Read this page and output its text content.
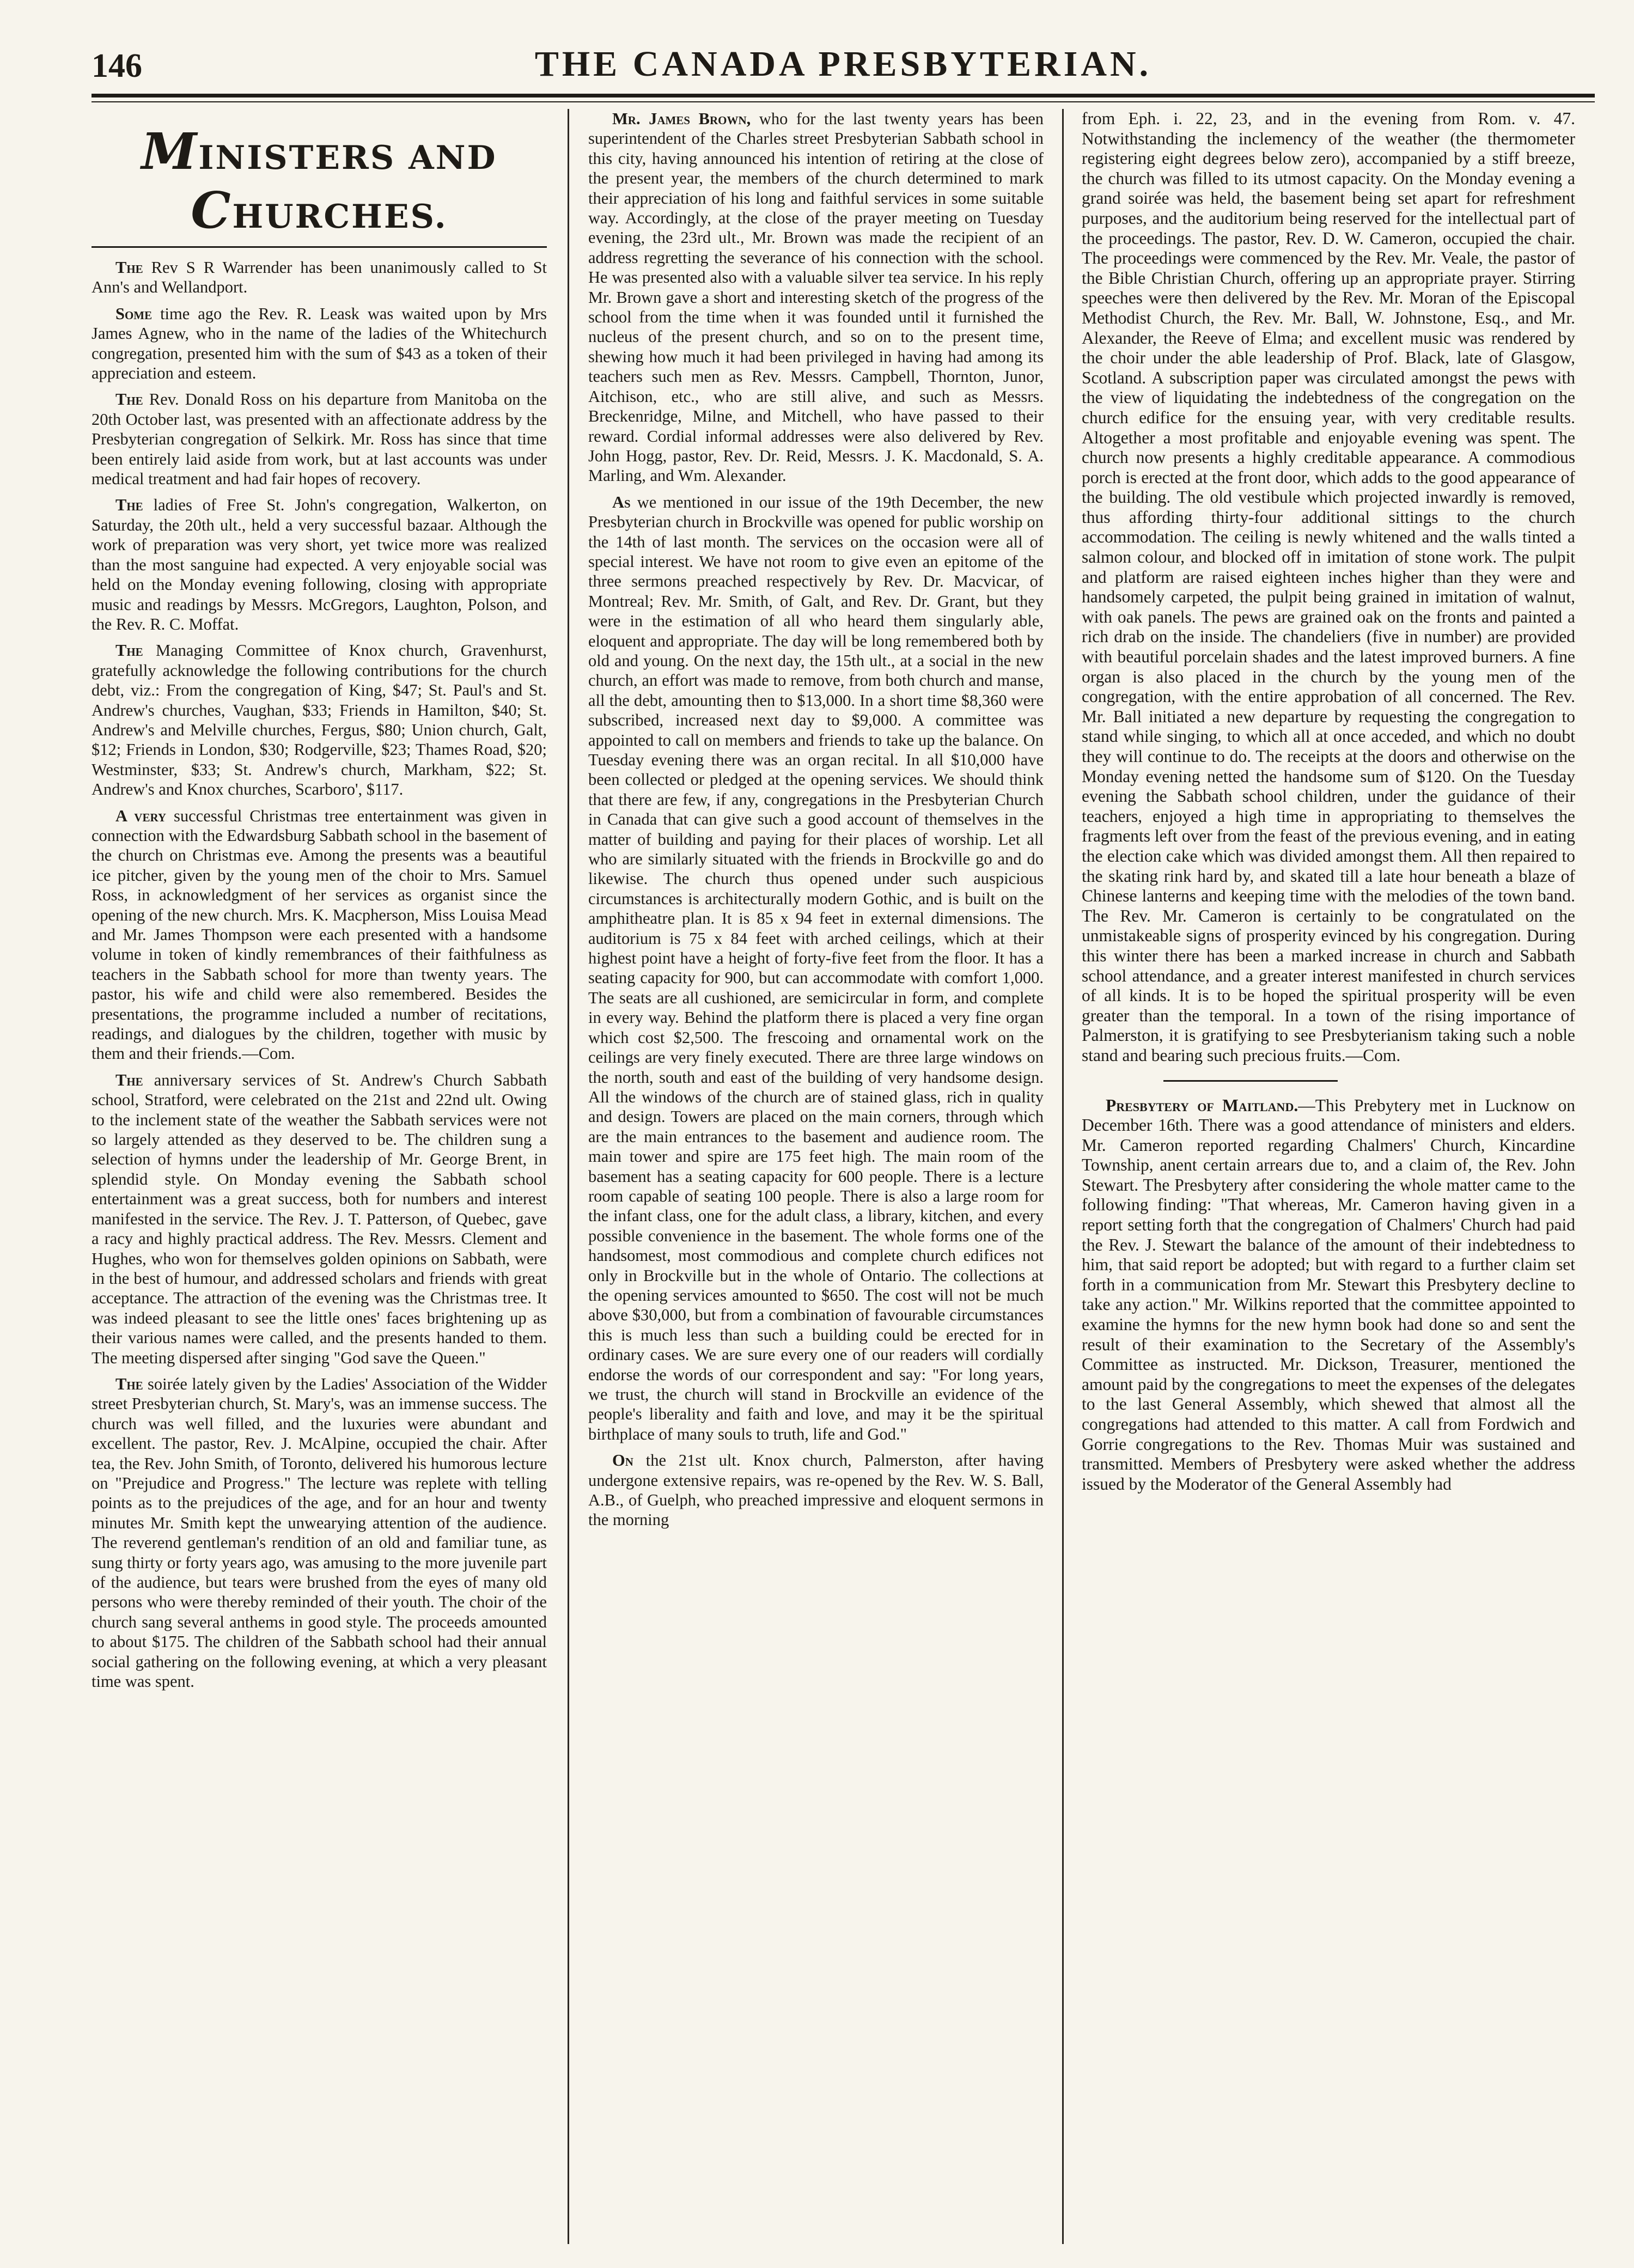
146	THE CANADA PRESBYTERIAN.
MINISTERS AND CHURCHES.

The Rev S R Warrender has been unanimously called to St Ann's and Wellandport.

Some time ago the Rev. R. Leask was waited upon by Mrs James Agnew, who in the name of the ladies of the Whitechurch congregation, presented him with the sum of $43 as a token of their appreciation and esteem.

The Rev. Donald Ross on his departure from Manitoba on the 20th October last, was presented with an affectionate address by the Presbyterian congregation of Selkirk. Mr. Ross has since that time been entirely laid aside from work, but at last accounts was under medical treatment and had fair hopes of recovery.

The ladies of Free St. John's congregation, Walkerton, on Saturday, the 20th ult., held a very successful bazaar. Although the work of preparation was very short, yet twice more was realized than the most sanguine had expected. A very enjoyable social was held on the Monday evening following, closing with appropriate music and readings by Messrs. McGregors, Laughton, Polson, and the Rev. R. C. Moffat.

The Managing Committee of Knox church, Gravenhurst, gratefully acknowledge the following contributions for the church debt, viz.: From the congregation of King, $47; St. Paul's and St. Andrew's churches, Vaughan, $33; Friends in Hamilton, $40; St. Andrew's and Melville churches, Fergus, $80; Union church, Galt, $12; Friends in London, $30; Rodgerville, $23; Thames Road, $20; Westminster, $33; St. Andrew's church, Markham, $22; St. Andrew's and Knox churches, Scarboro', $117.

A very successful Christmas tree entertainment was given in connection with the Edwardsburg Sabbath school in the basement of the church on Christmas eve. Among the presents was a beautiful ice pitcher, given by the young men of the choir to Mrs. Samuel Ross, in acknowledgment of her services as organist since the opening of the new church. Mrs. K. Macpherson, Miss Louisa Mead and Mr. James Thompson were each presented with a handsome volume in token of kindly remembrances of their faithfulness as teachers in the Sabbath school for more than twenty years. The pastor, his wife and child were also remembered. Besides the presentations, the programme included a number of recitations, readings, and dialogues by the children, together with music by them and their friends.—Com.

The anniversary services of St. Andrew's Church Sabbath school, Stratford, were celebrated on the 21st and 22nd ult. Owing to the inclement state of the weather the Sabbath services were not so largely attended as they deserved to be. The children sung a selection of hymns under the leadership of Mr. George Brent, in splendid style. On Monday evening the Sabbath school entertainment was a great success, both for numbers and interest manifested in the service. The Rev. J. T. Patterson, of Quebec, gave a racy and highly practical address. The Rev. Messrs. Clement and Hughes, who won for themselves golden opinions on Sabbath, were in the best of humour, and addressed scholars and friends with great acceptance. The attraction of the evening was the Christmas tree. It was indeed pleasant to see the little ones' faces brightening up as their various names were called, and the presents handed to them. The meeting dispersed after singing "God save the Queen."

The soirée lately given by the Ladies' Association of the Widder street Presbyterian church, St. Mary's, was an immense success. The church was well filled, and the luxuries were abundant and excellent. The pastor, Rev. J. McAlpine, occupied the chair. After tea, the Rev. John Smith, of Toronto, delivered his humorous lecture on "Prejudice and Progress." The lecture was replete with telling points as to the prejudices of the age, and for an hour and twenty minutes Mr. Smith kept the unwearying attention of the audience. The reverend gentleman's rendition of an old and familiar tune, as sung thirty or forty years ago, was amusing to the more juvenile part of the audience, but tears were brushed from the eyes of many old persons who were thereby reminded of their youth. The choir of the church sang several anthems in good style. The proceeds amounted to about $175. The children of the Sabbath school had their annual social gathering on the following evening, at which a very pleasant time was spent.

Mr. James Brown, who for the last twenty years has been superintendent of the Charles street Presbyterian Sabbath school in this city, having announced his intention of retiring at the close of the present year, the members of the church determined to mark their appreciation of his long and faithful services in some suitable way. Accordingly, at the close of the prayer meeting on Tuesday evening, the 23rd ult., Mr. Brown was made the recipient of an address regretting the severance of his connection with the school. He was presented also with a valuable silver tea service. In his reply Mr. Brown gave a short and interesting sketch of the progress of the school from the time when it was founded until it furnished the nucleus of the present church, and so on to the present time, shewing how much it had been privileged in having had among its teachers such men as Rev. Messrs. Campbell, Thornton, Junor, Aitchison, etc., who are still alive, and such as Messrs. Breckenridge, Milne, and Mitchell, who have passed to their reward. Cordial informal addresses were also delivered by Rev. John Hogg, pastor, Rev. Dr. Reid, Messrs. J. K. Macdonald, S. A. Marling, and Wm. Alexander.

As we mentioned in our issue of the 19th December, the new Presbyterian church in Brockville was opened for public worship on the 14th of last month. The services on the occasion were all of special interest. We have not room to give even an epitome of the three sermons preached respectively by Rev. Dr. Macvicar, of Montreal; Rev. Mr. Smith, of Galt, and Rev. Dr. Grant, but they were in the estimation of all who heard them singularly able, eloquent and appropriate. The day will be long remembered both by old and young. On the next day, the 15th ult., at a social in the new church, an effort was made to remove, from both church and manse, all the debt, amounting then to $13,000. In a short time $8,360 were subscribed, increased next day to $9,000. A committee was appointed to call on members and friends to take up the balance. On Tuesday evening there was an organ recital. In all $10,000 have been collected or pledged at the opening services. We should think that there are few, if any, congregations in the Presbyterian Church in Canada that can give such a good account of themselves in the matter of building and paying for their places of worship. Let all who are similarly situated with the friends in Brockville go and do likewise. The church thus opened under such auspicious circumstances is architecturally modern Gothic, and is built on the amphitheatre plan. It is 85 x 94 feet in external dimensions. The auditorium is 75 x 84 feet with arched ceilings, which at their highest point have a height of forty-five feet from the floor. It has a seating capacity for 900, but can accommodate with comfort 1,000. The seats are all cushioned, are semicircular in form, and complete in every way. Behind the platform there is placed a very fine organ which cost $2,500. The frescoing and ornamental work on the ceilings are very finely executed. There are three large windows on the north, south and east of the building of very handsome design. All the windows of the church are of stained glass, rich in quality and design. Towers are placed on the main corners, through which are the main entrances to the basement and audience room. The main tower and spire are 175 feet high. The main room of the basement has a seating capacity for 600 people. There is a lecture room capable of seating 100 people. There is also a large room for the infant class, one for the adult class, a library, kitchen, and every possible convenience in the basement. The whole forms one of the handsomest, most commodious and complete church edifices not only in Brockville but in the whole of Ontario. The collections at the opening services amounted to $650. The cost will not be much above $30,000, but from a combination of favourable circumstances this is much less than such a building could be erected for in ordinary cases. We are sure every one of our readers will cordially endorse the words of our correspondent and say: "For long years, we trust, the church will stand in Brockville an evidence of the people's liberality and faith and love, and may it be the spiritual birthplace of many souls to truth, life and God."

On the 21st ult. Knox church, Palmerston, after having undergone extensive repairs, was re-opened by the Rev. W. S. Ball, A.B., of Guelph, who preached impressive and eloquent sermons in the morning

from Eph. i. 22, 23, and in the evening from Rom. v. 47. Notwithstanding the inclemency of the weather (the thermometer registering eight degrees below zero), accompanied by a stiff breeze, the church was filled to its utmost capacity. On the Monday evening a grand soirée was held, the basement being set apart for refreshment purposes, and the auditorium being reserved for the intellectual part of the proceedings. The pastor, Rev. D. W. Cameron, occupied the chair. The proceedings were commenced by the Rev. Mr. Veale, the pastor of the Bible Christian Church, offering up an appropriate prayer. Stirring speeches were then delivered by the Rev. Mr. Moran of the Episcopal Methodist Church, the Rev. Mr. Ball, W. Johnstone, Esq., and Mr. Alexander, the Reeve of Elma; and excellent music was rendered by the choir under the able leadership of Prof. Black, late of Glasgow, Scotland. A subscription paper was circulated amongst the pews with the view of liquidating the indebtedness of the congregation on the church edifice for the ensuing year, with very creditable results. Altogether a most profitable and enjoyable evening was spent. The church now presents a highly creditable appearance. A commodious porch is erected at the front door, which adds to the good appearance of the building. The old vestibule which projected inwardly is removed, thus affording thirty-four additional sittings to the church accommodation. The ceiling is newly whitened and the walls tinted a salmon colour, and blocked off in imitation of stone work. The pulpit and platform are raised eighteen inches higher than they were and handsomely carpeted, the pulpit being grained in imitation of walnut, with oak panels. The pews are grained oak on the fronts and painted a rich drab on the inside. The chandeliers (five in number) are provided with beautiful porcelain shades and the latest improved burners. A fine organ is also placed in the church by the young men of the congregation, with the entire approbation of all concerned. The Rev. Mr. Ball initiated a new departure by requesting the congregation to stand while singing, to which all at once acceded, and which no doubt they will continue to do. The receipts at the doors and otherwise on the Monday evening netted the handsome sum of $120. On the Tuesday evening the Sabbath school children, under the guidance of their teachers, enjoyed a high time in appropriating to themselves the fragments left over from the feast of the previous evening, and in eating the election cake which was divided amongst them. All then repaired to the skating rink hard by, and skated till a late hour beneath a blaze of Chinese lanterns and keeping time with the melodies of the town band. The Rev. Mr. Cameron is certainly to be congratulated on the unmistakeable signs of prosperity evinced by his congregation. During this winter there has been a marked increase in church and Sabbath school attendance, and a greater interest manifested in church services of all kinds. It is to be hoped the spiritual prosperity will be even greater than the temporal. In a town of the rising importance of Palmerston, it is gratifying to see Presbyterianism taking such a noble stand and bearing such precious fruits.—Com.

Presbytery of Maitland.—This Prebytery met in Lucknow on December 16th. There was a good attendance of ministers and elders. Mr. Cameron reported regarding Chalmers' Church, Kincardine Township, anent certain arrears due to, and a claim of, the Rev. John Stewart. The Presbytery after considering the whole matter came to the following finding: "That whereas, Mr. Cameron having given in a report setting forth that the congregation of Chalmers' Church had paid the Rev. J. Stewart the balance of the amount of their indebtedness to him, that said report be adopted; but with regard to a further claim set forth in a communication from Mr. Stewart this Presbytery decline to take any action." Mr. Wilkins reported that the committee appointed to examine the hymns for the new hymn book had done so and sent the result of their examination to the Secretary of the Assembly's Committee as instructed. Mr. Dickson, Treasurer, mentioned the amount paid by the congregations to meet the expenses of the delegates to the last General Assembly, which shewed that almost all the congregations had attended to this matter. A call from Fordwich and Gorrie congregations to the Rev. Thomas Muir was sustained and transmitted. Members of Presbytery were asked whether the address issued by the Moderator of the General Assembly had
